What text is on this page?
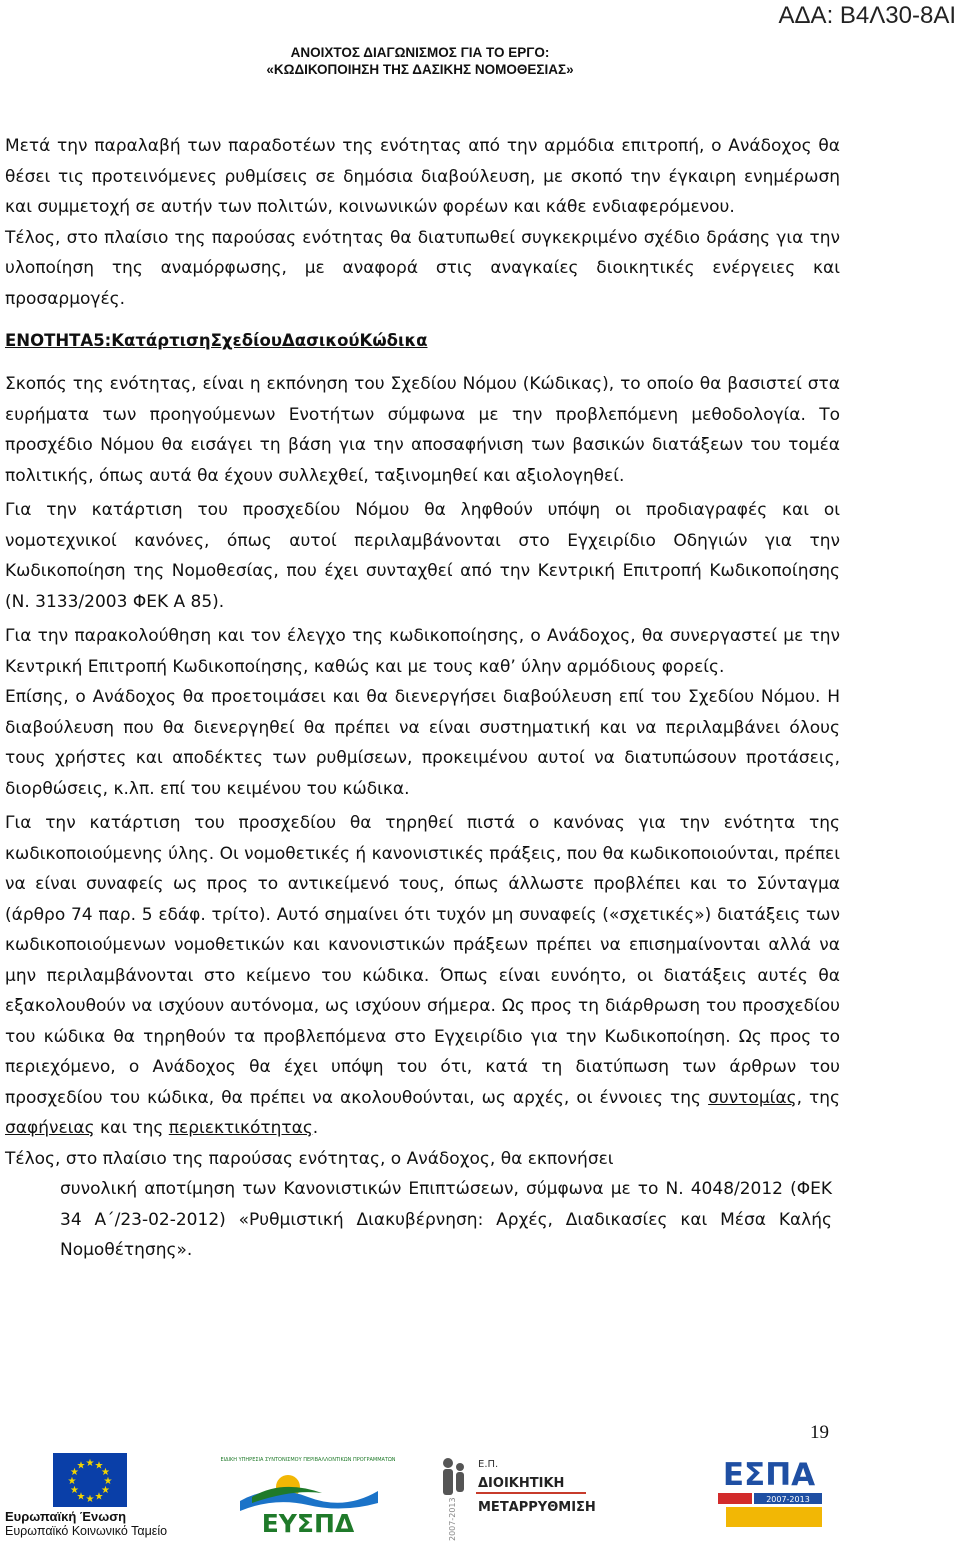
ΑΔΑ: Β4Λ30-8ΑΙ
ΑΝΟΙΧΤΟΣ ΔΙΑΓΩΝΙΣΜΟΣ ΓΙΑ ΤΟ ΕΡΓΟ:
«ΚΩΔΙΚΟΠΟΙΗΣΗ ΤΗΣ ΔΑΣΙΚΗΣ ΝΟΜΟΘΕΣΙΑΣ»

Μετά την παραλαβή των παραδοτέων της ενότητας από την αρμόδια επιτροπή, ο Ανάδοχος θα θέσει τις προτεινόμενες ρυθμίσεις σε δημόσια διαβούλευση, με σκοπό την έγκαιρη ενημέρωση και συμμετοχή σε αυτήν των πολιτών, κοινωνικών φορέων και κάθε ενδιαφερόμενου.

Τέλος, στο πλαίσιο της παρούσας ενότητας θα διατυπωθεί συγκεκριμένο σχέδιο δράσης για την υλοποίηση της αναμόρφωσης, με αναφορά στις αναγκαίες διοικητικές ενέργειες και προσαρμογές.

ΕΝΟΤΗΤΑ5:ΚατάρτισηΣχεδίουΔασικούΚώδικα

Σκοπός της ενότητας, είναι η εκπόνηση του Σχεδίου Νόμου (Κώδικας), το οποίο θα βασιστεί στα ευρήματα των προηγούμενων Ενοτήτων σύμφωνα με την προβλεπόμενη μεθοδολογία. Το προσχέδιο Νόμου θα εισάγει τη βάση για την αποσαφήνιση των βασικών διατάξεων του τομέα πολιτικής, όπως αυτά θα έχουν συλλεχθεί, ταξινομηθεί και αξιολογηθεί.

Για την κατάρτιση του προσχεδίου Νόμου θα ληφθούν υπόψη οι προδιαγραφές και οι νομοτεχνικοί κανόνες, όπως αυτοί περιλαμβάνονται στο Εγχειρίδιο Οδηγιών για την Κωδικοποίηση της Νομοθεσίας, που έχει συνταχθεί από την Κεντρική Επιτροπή Κωδικοποίησης (Ν. 3133/2003 ΦΕΚ Α 85).

Για την παρακολούθηση και τον έλεγχο της κωδικοποίησης, ο Ανάδοχος, θα συνεργαστεί με την Κεντρική Επιτροπή Κωδικοποίησης, καθώς και με τους καθ’ ύλην αρμόδιους φορείς.

Επίσης, ο Ανάδοχος θα προετοιμάσει και θα διενεργήσει διαβούλευση επί του Σχεδίου Νόμου. Η διαβούλευση που θα διενεργηθεί θα πρέπει να είναι συστηματική και να περιλαμβάνει όλους τους χρήστες και αποδέκτες των ρυθμίσεων, προκειμένου αυτοί να διατυπώσουν προτάσεις, διορθώσεις, κ.λπ. επί του κειμένου του κώδικα.

Για την κατάρτιση του προσχεδίου θα τηρηθεί πιστά ο κανόνας για την ενότητα της κωδικοποιούμενης ύλης. Οι νομοθετικές ή κανονιστικές πράξεις, που θα κωδικοποιούνται, πρέπει να είναι συναφείς ως προς το αντικείμενό τους, όπως άλλωστε προβλέπει και το Σύνταγμα (άρθρο 74 παρ. 5 εδάφ. τρίτο). Αυτό σημαίνει ότι τυχόν μη συναφείς («σχετικές») διατάξεις των κωδικοποιούμενων νομοθετικών και κανονιστικών πράξεων πρέπει να επισημαίνονται αλλά να μην περιλαμβάνονται στο κείμενο του κώδικα. Όπως είναι ευνόητο, οι διατάξεις αυτές θα εξακολουθούν να ισχύουν αυτόνομα, ως ισχύουν σήμερα. Ως προς τη διάρθρωση του προσχεδίου του κώδικα θα τηρηθούν τα προβλεπόμενα στο Εγχειρίδιο για την Κωδικοποίηση. Ως προς το περιεχόμενο, ο Ανάδοχος θα έχει υπόψη του ότι, κατά τη διατύπωση των άρθρων του προσχεδίου του κώδικα, θα πρέπει να ακολουθούνται, ως αρχές, οι έννοιες της συντομίας, της σαφήνειας και της περιεκτικότητας.

Τέλος, στο πλαίσιο της παρούσας ενότητας, ο Ανάδοχος, θα εκπονήσει

συνολική αποτίμηση των Κανονιστικών Επιπτώσεων, σύμφωνα με το Ν. 4048/2012 (ΦΕΚ 34 Α΄/23-02-2012) «Ρυθμιστική Διακυβέρνηση: Αρχές, Διαδικασίες και Μέσα Καλής Νομοθέτησης».

19
★ ★
★
★
★
★
★
★
★
★
★
★
Ευρωπαϊκή Ένωση
Ευρωπαϊκό Κοινωνικό Ταμείο
ΕΙΔΙΚΗ ΥΠΗΡΕΣΙΑ ΣΥΝΤΟΝΙΣΜΟΥ ΠΕΡΙΒΑΛΛΟΝΤΙΚΩΝ ΠΡΟΓΡΑΜΜΑΤΩΝ
ΕΥΣΠΔ	2007-2013
Ε.Π.
ΔΙΟΙΚΗΤΙΚΗ
ΜΕΤΑΡΡΥΘΜΙΣΗ
ΕΣΠΑ
2007-2013
